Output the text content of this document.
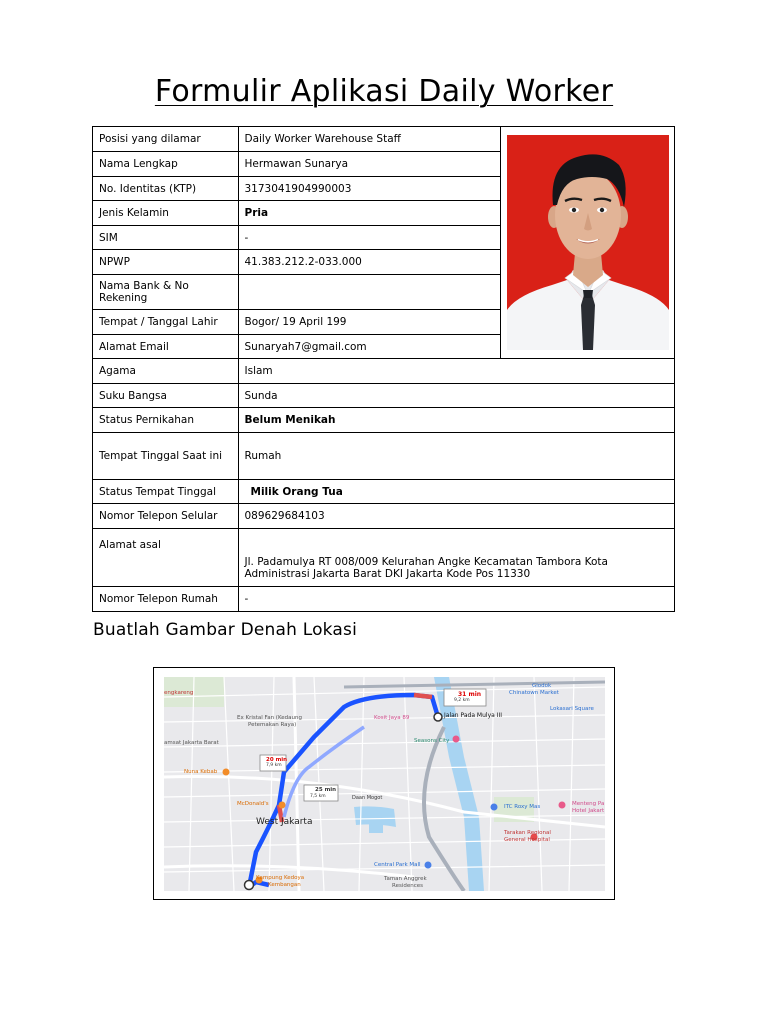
Formulir Aplikasi Daily Worker
Posisi yang dilamar	Daily Worker Warehouse Staff	

Nama Lengkap	Hermawan Sunarya	
No. Identitas (KTP)	3173041904990003	
Jenis Kelamin	Pria	
SIM	-	
NPWP	41.383.212.2-033.000	
Nama Bank & No Rekening		
Tempat / Tanggal Lahir	Bogor/ 19 April 199	
Alamat Email	Sunaryah7@gmail.com	
Agama	Islam	
Suku Bangsa	Sunda	
Status Pernikahan	Belum Menikah	
Tempat Tinggal Saat ini	Rumah	
Status Tempat Tinggal	Milik Orang Tua	
Nomor Telepon Selular	089629684103	
Alamat asal	Jl. Padamulya RT 008/009 Kelurahan Angke Kecamatan Tambora Kota Administrasi Jakarta Barat DKI Jakarta Kode Pos 11330	
Nomor Telepon Rumah	-	
Buatlah Gambar Denah Lokasi
20 min
7,9 km
25 min
7,5 km
31 min
9,2 km
Jalan Pada Mulya III
West Jakarta
Kampung Kedoya
Kembangan
McDonald's
Nuna Kebab
Seasons City
Central Park Mall
ITC Roxy Mas
Tarakan Regional
General Hospital
Lokasari Square
Glodok
Chinatown Market
Kosit Jaya 89
Ex Kristal Fan (Kedaung
Petemakan Raya)
Daan Mogot
Taman Anggrek
Residences
Menteng Pa
Hotel Jakart
engkareng
amsat Jakarta Barat
